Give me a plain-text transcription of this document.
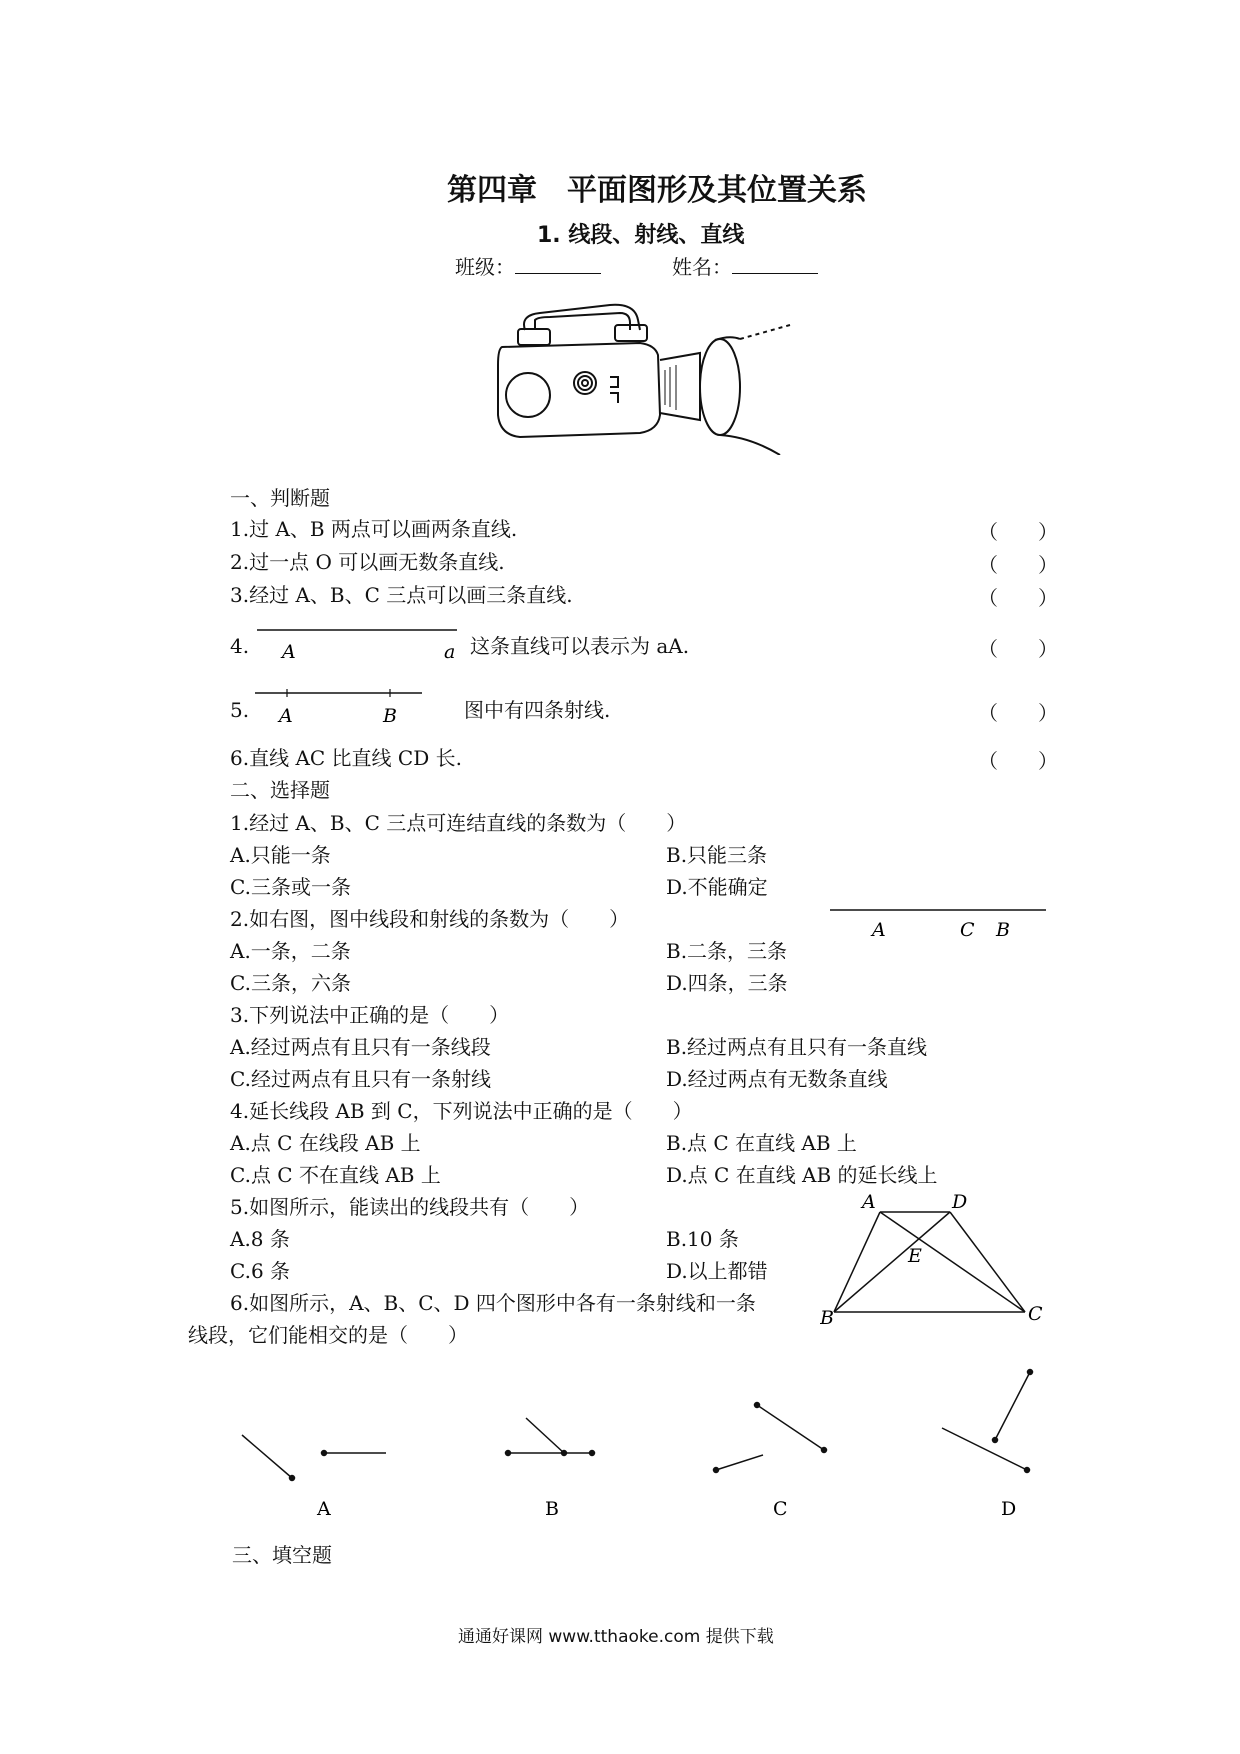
第四章　平面图形及其位置关系
1. 线段、射线、直线
班级：	姓名：
一、判断题
1.过 A、B 两点可以画两条直线.	（　　）
2.过一点 O 可以画无数条直线.	（　　）
3.经过 A、B、C 三点可以画三条直线.	（　　）
4. A	a 这条直线可以表示为 aA.	（　　）
5. A	B	图中有四条射线.	（　　）
6.直线 AC 比直线 CD 长.	（　　）
二、选择题
1.经过 A、B、C 三点可连结直线的条数为（　　）
A.只能一条	B.只能三条
C.三条或一条	D.不能确定
2.如右图，图中线段和射线的条数为（　　）	A	C B
A.一条，二条	B.二条，三条
C.三条，六条	D.四条，三条
3.下列说法中正确的是（　　）
A.经过两点有且只有一条线段	B.经过两点有且只有一条直线
C.经过两点有且只有一条射线	D.经过两点有无数条直线
4.延长线段 AB 到 C，下列说法中正确的是（　　）
A.点 C 在线段 AB 上	B.点 C 在直线 AB 上
C.点 C 不在直线 AB 上	D.点 C 在直线 AB 的延长线上
5.如图所示，能读出的线段共有（　　）	A	D
E
B	C
A.8 条	B.10 条
C.6 条	D.以上都错
6.如图所示，A、B、C、D 四个图形中各有一条射线和一条
线段，它们能相交的是（　　）
A	B	C	D
三、填空题
通通好课网 www.tthaoke.com 提供下载
